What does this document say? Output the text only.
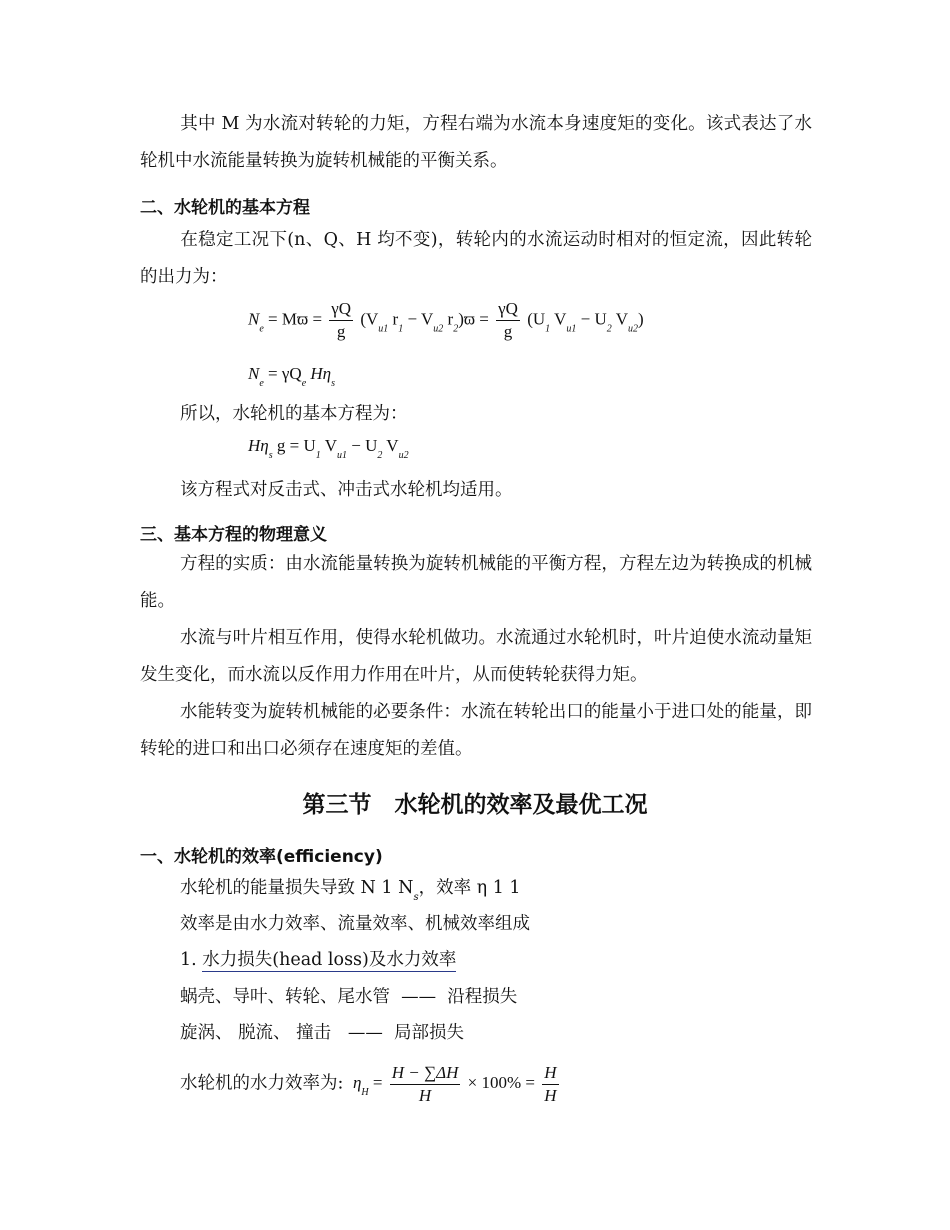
其中 M 为水流对转轮的力矩，方程右端为水流本身速度矩的变化。该式表达了水轮机中水流能量转换为旋转机械能的平衡关系。

二、水轮机的基本方程

在稳定工况下(n、Q、H 均不变)，转轮内的水流运动时相对的恒定流，因此转轮的出力为：

$N_e = Mϖ = \frac{\gamma Q}{g} (V_{u1}$ $r_1 - V_{u2}$ $r_2)ϖ = \frac{\gamma Q}{g} (U_1$ $V_{u1} - U_2$ $V_{u2}$)
$N_e = \gamma Q_e$ $H\eta_s$
所以，水轮机的基本方程为：
$H\eta_s$ $g = U_1$ $V_{u1} - U_2$ $V_{u2}$
该方程式对反击式、冲击式水轮机均适用。
三、基本方程的物理意义

方程的实质：由水流能量转换为旋转机械能的平衡方程，方程左边为转换成的机械能。

水流与叶片相互作用，使得水轮机做功。水流通过水轮机时，叶片迫使水流动量矩发生变化，而水流以反作用力作用在叶片，从而使转轮获得力矩。

水能转变为旋转机械能的必要条件：水流在转轮出口的能量小于进口处的能量，即转轮的进口和出口必须存在速度矩的差值。

第三节　水轮机的效率及最优工况
一、水轮机的效率(efficiency)
水轮机的能量损失导致 N 1 $N_s$，效率 η 1 1
效率是由水力效率、流量效率、机械效率组成
1. 水力损失(head loss)及水力效率
蜗壳、导叶、转轮、尾水管 —— 沿程损失
旋涡、 脱流、 撞击 —— 局部损失
水轮机的水力效率为: $\eta_H = \frac{H - \sum\Delta H}{H} \times 100\% = \frac{H}{H}$
